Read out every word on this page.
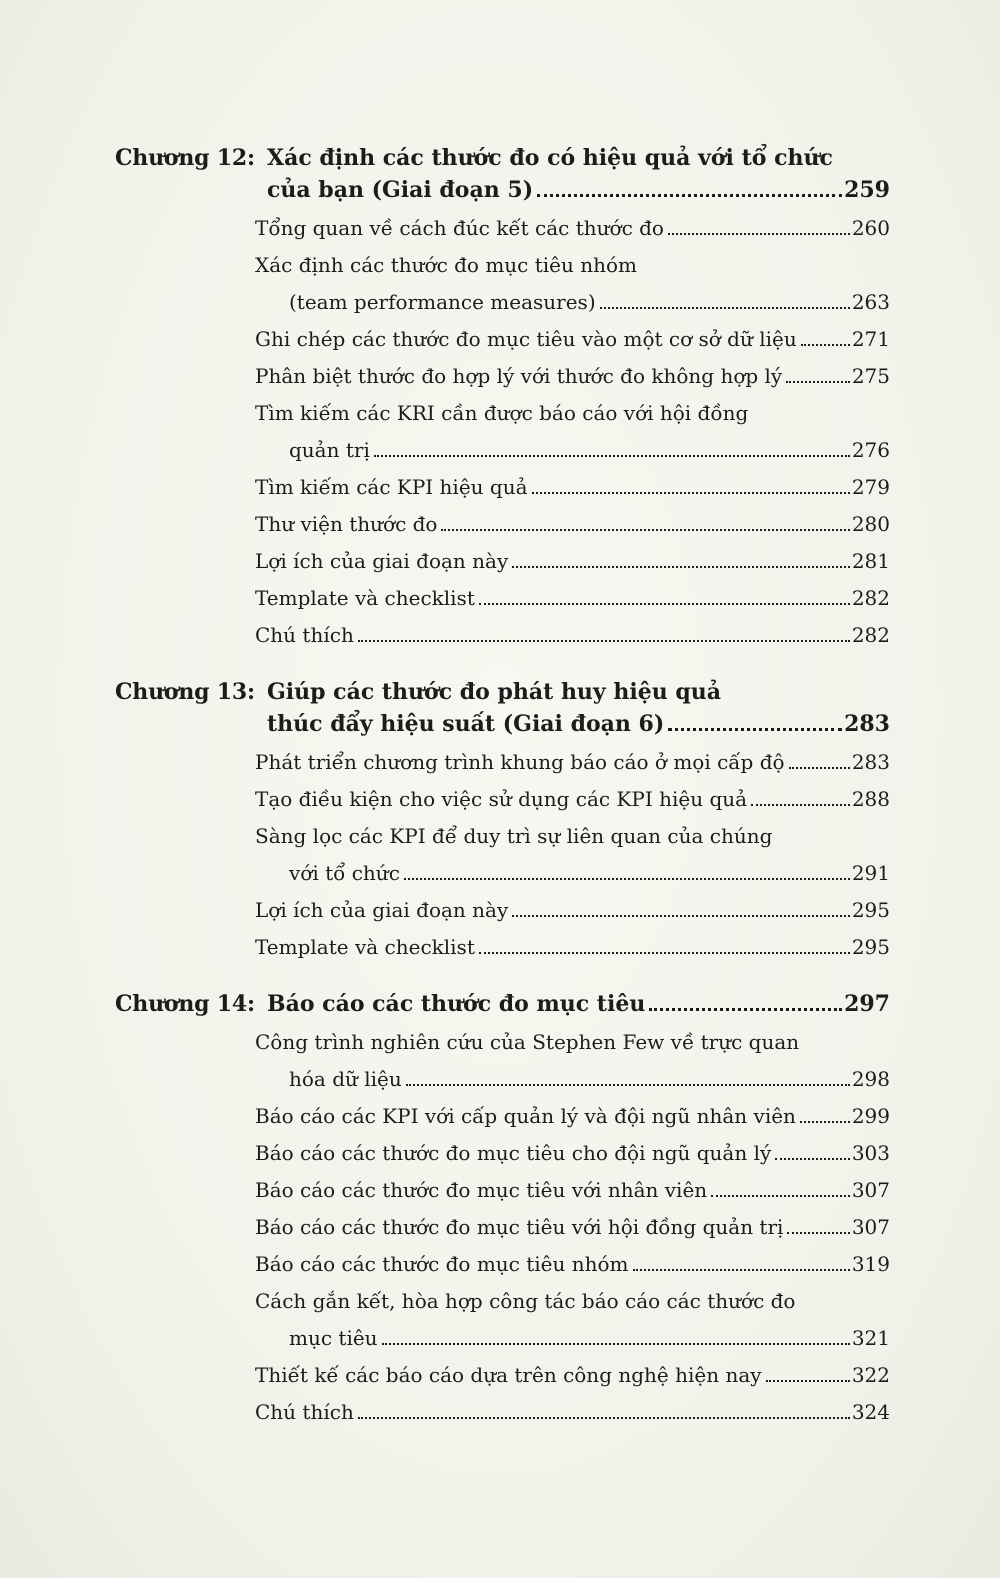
Chương 12: Xác định các thước đo có hiệu quả với tổ chức
của bạn (Giai đoạn 5)	259
Tổng quan về cách đúc kết các thước đo	260
Xác định các thước đo mục tiêu nhóm
(team performance measures)	263
Ghi chép các thước đo mục tiêu vào một cơ sở dữ liệu	271
Phân biệt thước đo hợp lý với thước đo không hợp lý	275
Tìm kiếm các KRI cần được báo cáo với hội đồng
quản trị	276
Tìm kiếm các KPI hiệu quả	279
Thư viện thước đo	280
Lợi ích của giai đoạn này	281
Template và checklist	282
Chú thích	282
Chương 13: Giúp các thước đo phát huy hiệu quả
thúc đẩy hiệu suất (Giai đoạn 6)	283
Phát triển chương trình khung báo cáo ở mọi cấp độ	283
Tạo điều kiện cho việc sử dụng các KPI hiệu quả	288
Sàng lọc các KPI để duy trì sự liên quan của chúng
với tổ chức	291
Lợi ích của giai đoạn này	295
Template và checklist	295
Chương 14: Báo cáo các thước đo mục tiêu	297
Công trình nghiên cứu của Stephen Few về trực quan
hóa dữ liệu	298
Báo cáo các KPI với cấp quản lý và đội ngũ nhân viên	299
Báo cáo các thước đo mục tiêu cho đội ngũ quản lý	303
Báo cáo các thước đo mục tiêu với nhân viên	307
Báo cáo các thước đo mục tiêu với hội đồng quản trị	307
Báo cáo các thước đo mục tiêu nhóm	319
Cách gắn kết, hòa hợp công tác báo cáo các thước đo
mục tiêu	321
Thiết kế các báo cáo dựa trên công nghệ hiện nay	322
Chú thích	324
